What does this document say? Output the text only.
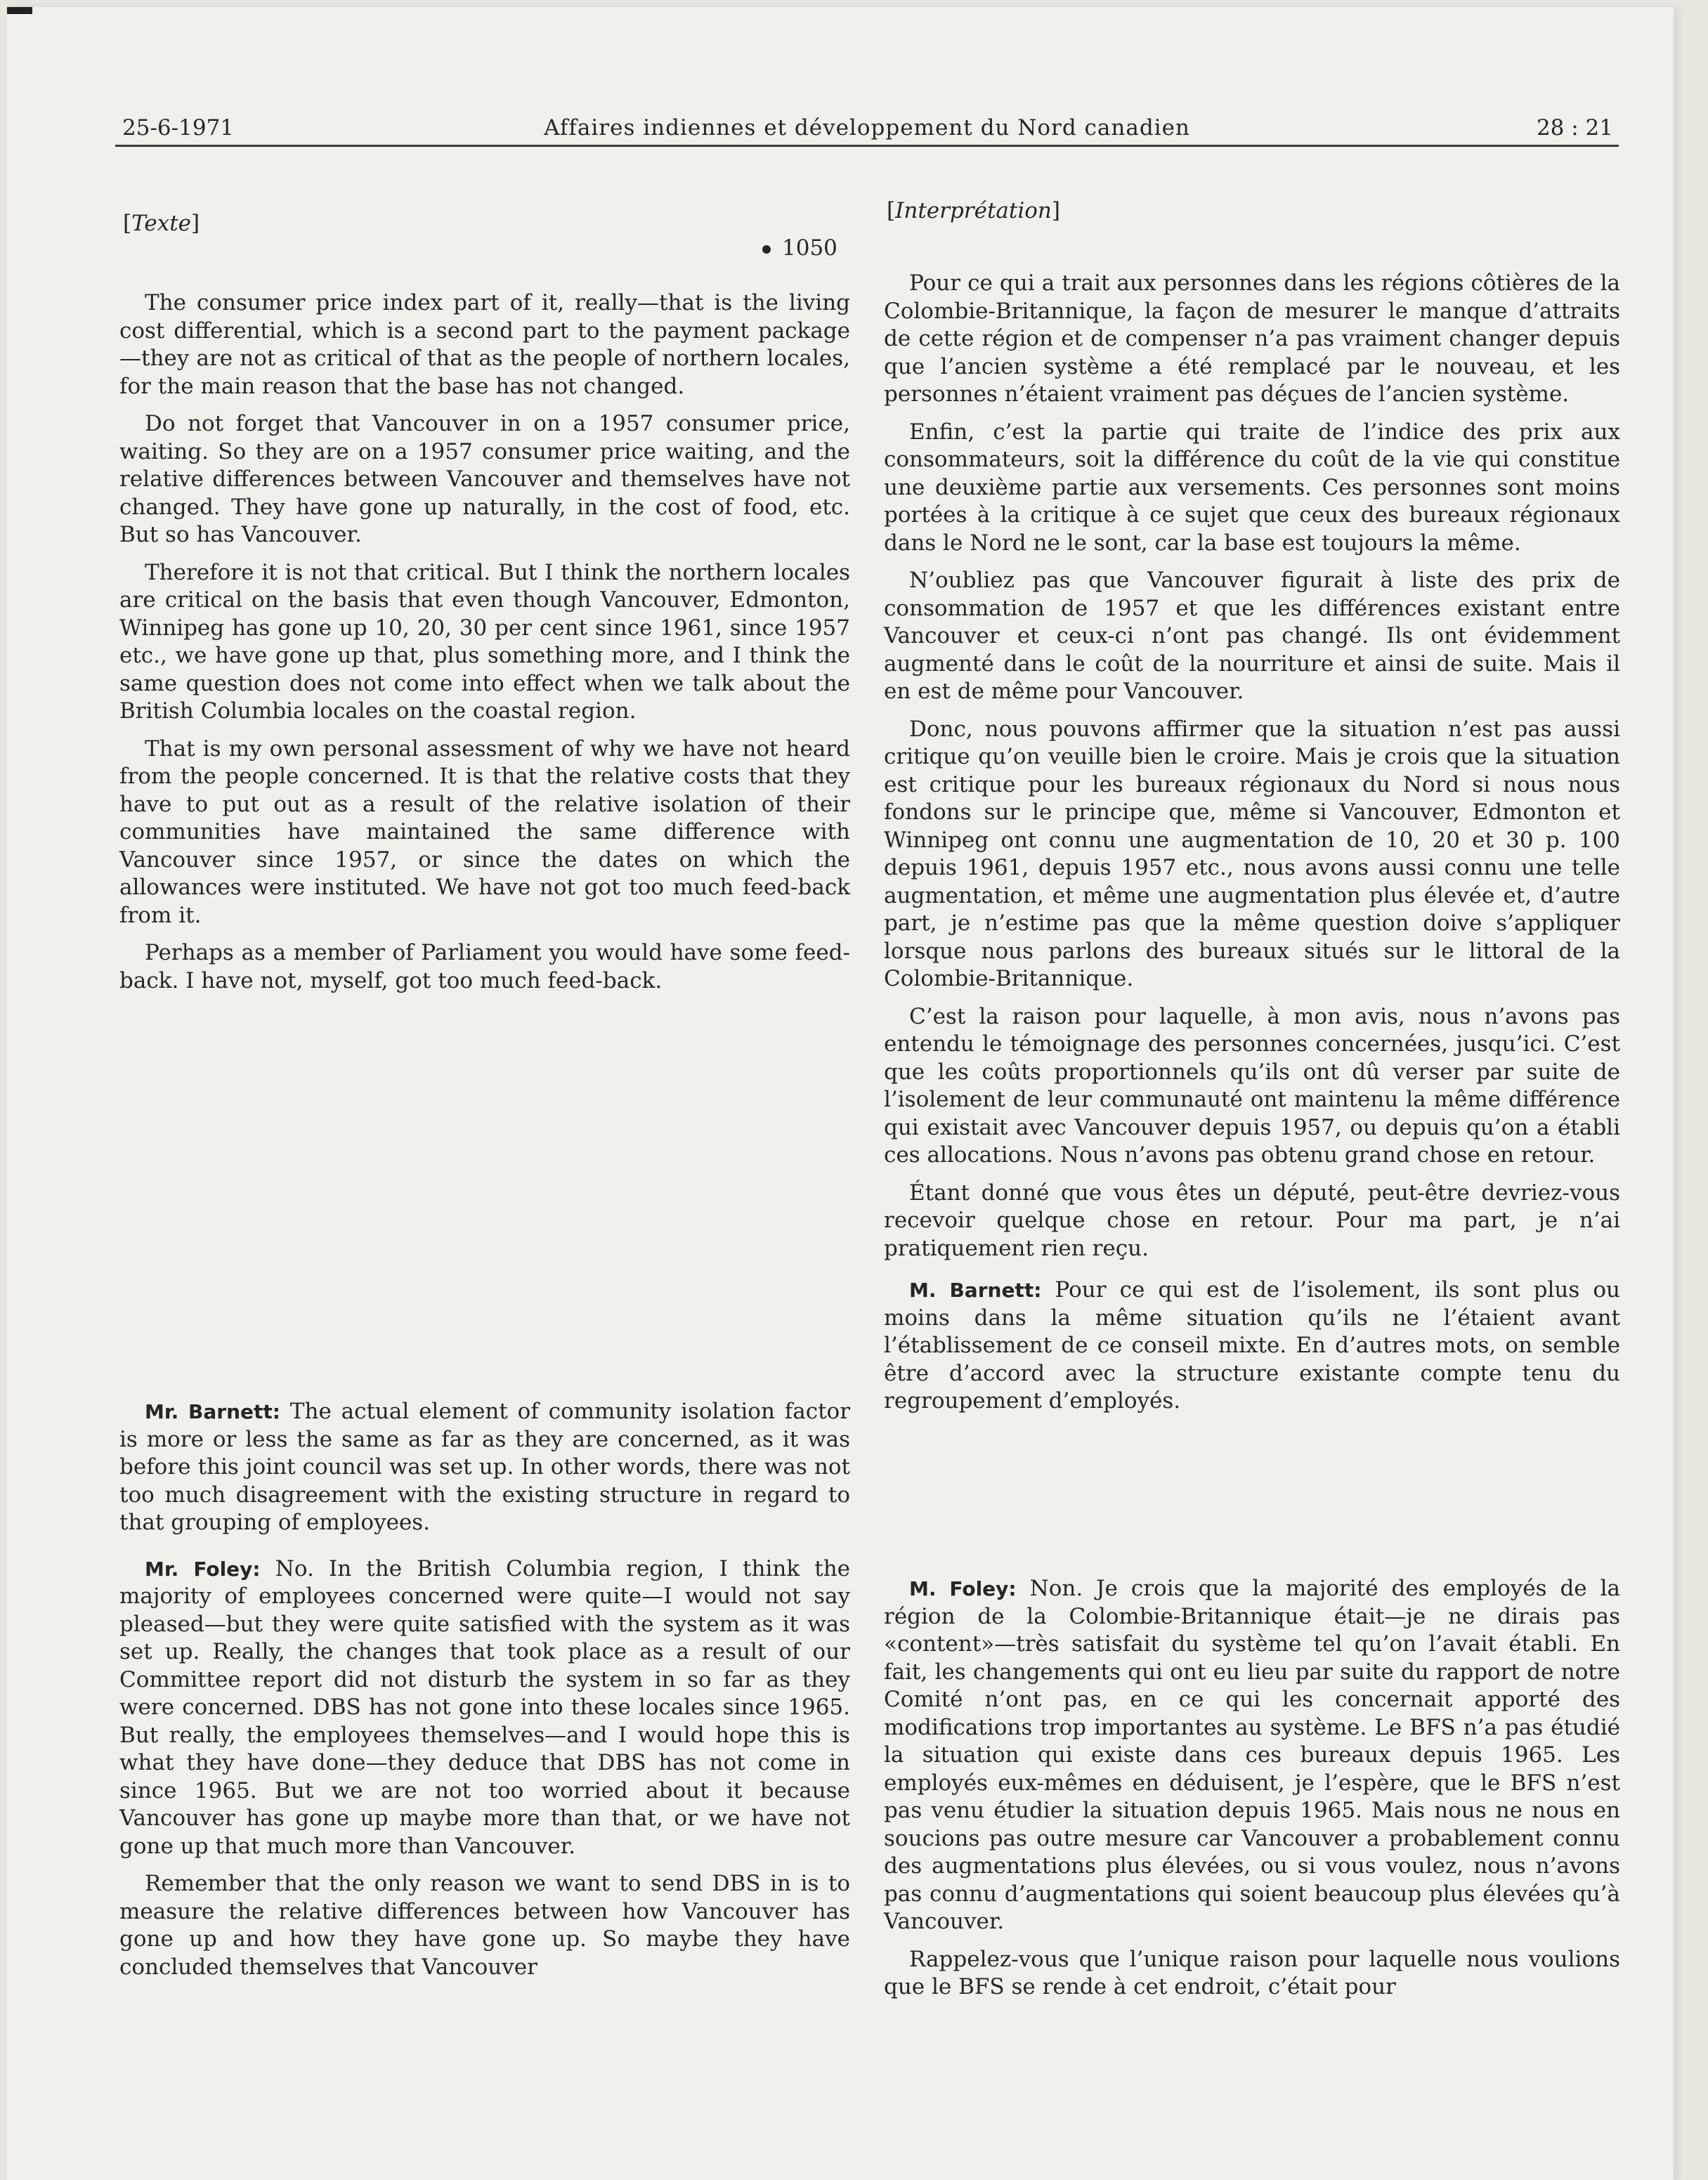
25-6-1971	Affaires indiennes et développement du Nord canadien	28 : 21
[Texte]
1050

The consumer price index part of it, really—that is the living cost differential, which is a second part to the payment package—they are not as critical of that as the people of northern locales, for the main reason that the base has not changed.

Do not forget that Vancouver in on a 1957 consumer price, waiting. So they are on a 1957 consumer price waiting, and the relative differences between Vancouver and themselves have not changed. They have gone up naturally, in the cost of food, etc. But so has Vancouver.

Therefore it is not that critical. But I think the northern locales are critical on the basis that even though Vancouver, Edmonton, Winnipeg has gone up 10, 20, 30 per cent since 1961, since 1957 etc., we have gone up that, plus something more, and I think the same question does not come into effect when we talk about the British Columbia locales on the coastal region.

That is my own personal assessment of why we have not heard from the people concerned. It is that the relative costs that they have to put out as a result of the relative isolation of their communities have maintained the same difference with Vancouver since 1957, or since the dates on which the allowances were instituted. We have not got too much feed-back from it.

Perhaps as a member of Parliament you would have some feed-back. I have not, myself, got too much feed-back.

Mr. Barnett: The actual element of community isolation factor is more or less the same as far as they are concerned, as it was before this joint council was set up. In other words, there was not too much disagreement with the existing structure in regard to that grouping of employees.

Mr. Foley: No. In the British Columbia region, I think the majority of employees concerned were quite—I would not say pleased—but they were quite satisfied with the system as it was set up. Really, the changes that took place as a result of our Committee report did not disturb the system in so far as they were concerned. DBS has not gone into these locales since 1965. But really, the employees themselves—and I would hope this is what they have done—they deduce that DBS has not come in since 1965. But we are not too worried about it because Vancouver has gone up maybe more than that, or we have not gone up that much more than Vancouver.

Remember that the only reason we want to send DBS in is to measure the relative differences between how Vancouver has gone up and how they have gone up. So maybe they have concluded themselves that Vancouver

[Interprétation]

Pour ce qui a trait aux personnes dans les régions côtières de la Colombie-Britannique, la façon de mesurer le manque d’attraits de cette région et de compenser n’a pas vraiment changer depuis que l’ancien système a été remplacé par le nouveau, et les personnes n’étaient vraiment pas déçues de l’ancien système.

Enfin, c’est la partie qui traite de l’indice des prix aux consommateurs, soit la différence du coût de la vie qui constitue une deuxième partie aux versements. Ces personnes sont moins portées à la critique à ce sujet que ceux des bureaux régionaux dans le Nord ne le sont, car la base est toujours la même.

N’oubliez pas que Vancouver figurait à liste des prix de consommation de 1957 et que les différences existant entre Vancouver et ceux-ci n’ont pas changé. Ils ont évidemment augmenté dans le coût de la nourriture et ainsi de suite. Mais il en est de même pour Vancouver.

Donc, nous pouvons affirmer que la situation n’est pas aussi critique qu’on veuille bien le croire. Mais je crois que la situation est critique pour les bureaux régionaux du Nord si nous nous fondons sur le principe que, même si Vancouver, Edmonton et Winnipeg ont connu une augmentation de 10, 20 et 30 p. 100 depuis 1961, depuis 1957 etc., nous avons aussi connu une telle augmentation, et même une augmentation plus élevée et, d’autre part, je n’estime pas que la même question doive s’appliquer lorsque nous parlons des bureaux situés sur le littoral de la Colombie-Britannique.

C’est la raison pour laquelle, à mon avis, nous n’avons pas entendu le témoignage des personnes concernées, jusqu’ici. C’est que les coûts proportionnels qu’ils ont dû verser par suite de l’isolement de leur communauté ont maintenu la même différence qui existait avec Vancouver depuis 1957, ou depuis qu’on a établi ces allocations. Nous n’avons pas obtenu grand chose en retour.

Étant donné que vous êtes un député, peut-être devriez-vous recevoir quelque chose en retour. Pour ma part, je n’ai pratiquement rien reçu.

M. Barnett: Pour ce qui est de l’isolement, ils sont plus ou moins dans la même situation qu’ils ne l’étaient avant l’établissement de ce conseil mixte. En d’autres mots, on semble être d’accord avec la structure existante compte tenu du regroupement d’employés.

M. Foley: Non. Je crois que la majorité des employés de la région de la Colombie-Britannique était—je ne dirais pas «content»—très satisfait du système tel qu’on l’avait établi. En fait, les changements qui ont eu lieu par suite du rapport de notre Comité n’ont pas, en ce qui les concernait apporté des modifications trop importantes au système. Le BFS n’a pas étudié la situation qui existe dans ces bureaux depuis 1965. Les employés eux-mêmes en déduisent, je l’espère, que le BFS n’est pas venu étudier la situation depuis 1965. Mais nous ne nous en soucions pas outre mesure car Vancouver a probablement connu des augmentations plus élevées, ou si vous voulez, nous n’avons pas connu d’augmentations qui soient beaucoup plus élevées qu’à Vancouver.

Rappelez-vous que l’unique raison pour laquelle nous voulions que le BFS se rende à cet endroit, c’était pour
